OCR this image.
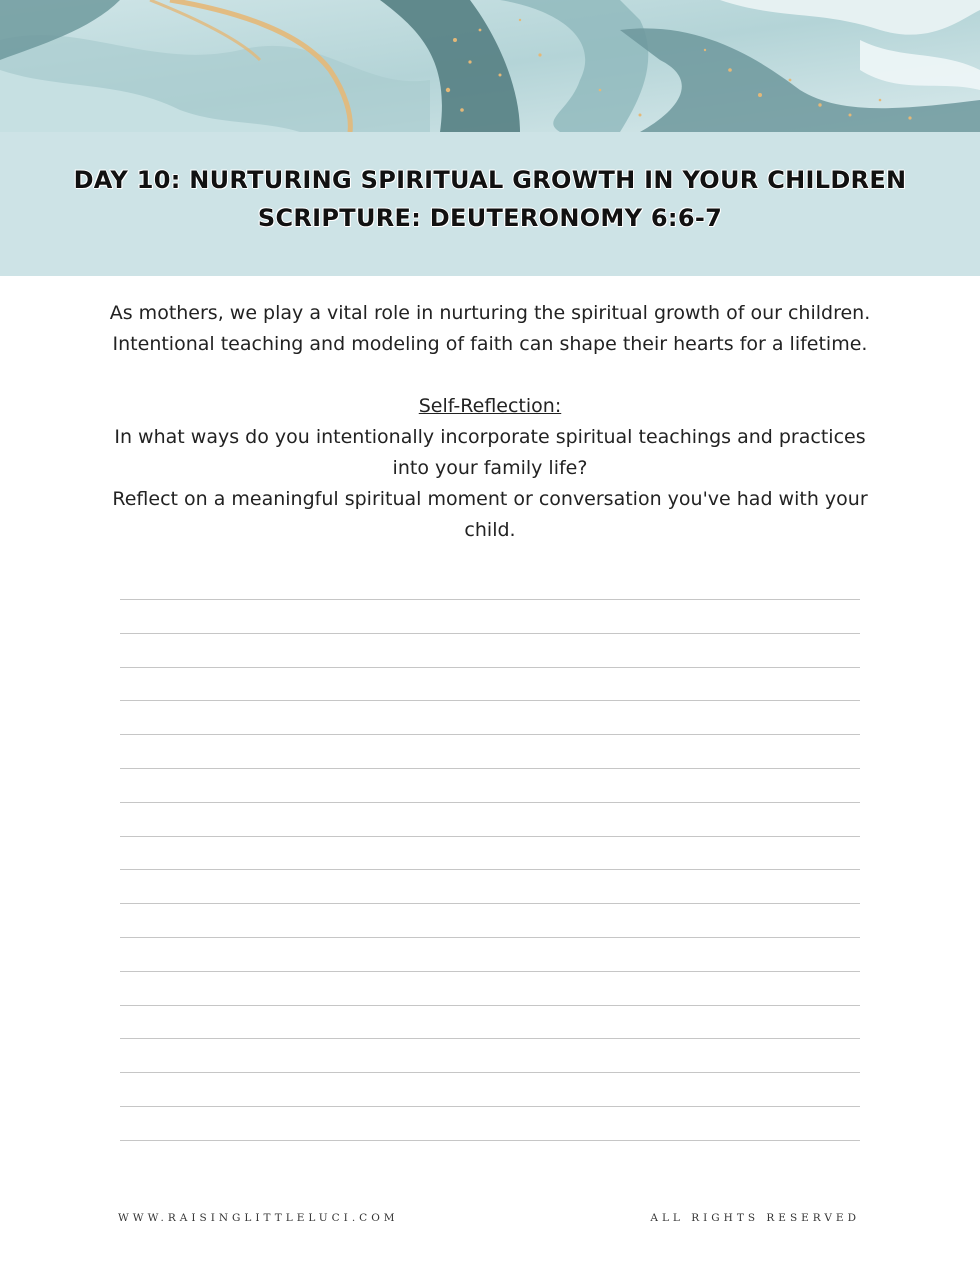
DAY 10: NURTURING SPIRITUAL GROWTH IN YOUR CHILDREN
SCRIPTURE: DEUTERONOMY 6:6-7
As mothers, we play a vital role in nurturing the spiritual growth of our children.
Intentional teaching and modeling of faith can shape their hearts for a lifetime.
Self-Reflection:
In what ways do you intentionally incorporate spiritual teachings and practices
into your family life?
Reflect on a meaningful spiritual moment or conversation you've had with your
child.
WWW.RAISINGLITTLELUCI.COM	ALL RIGHTS RESERVED
